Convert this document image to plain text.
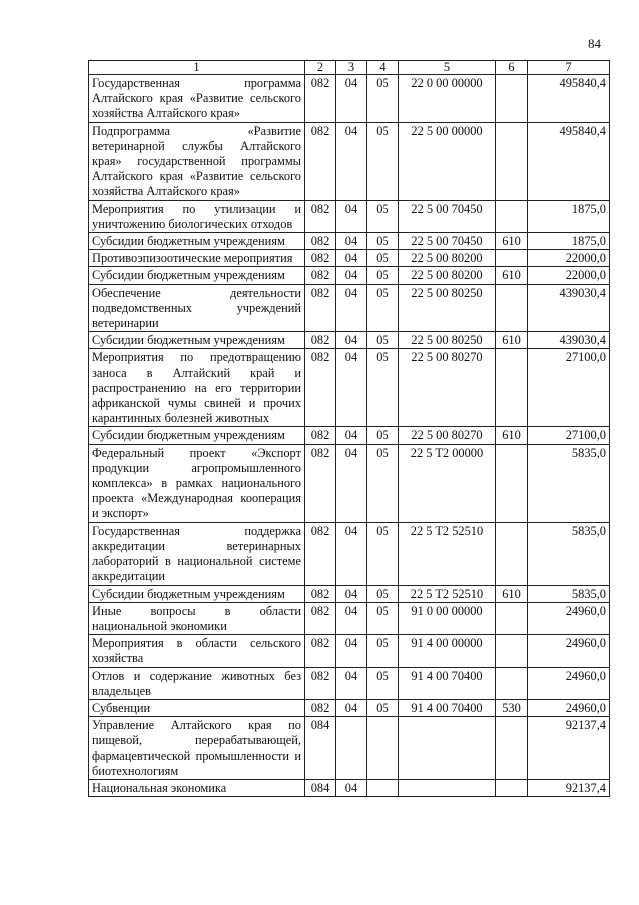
84
1	2	3	4	5	6	7
Государственная программа Алтайского края «Развитие сельского хозяйства Алтайского края»	082	04	05	22 0 00 00000		495840,4
Подпрограмма «Развитие ветеринарной службы Алтайского края» государственной программы Алтайского края «Развитие сельского хозяйства Алтайского края»	082	04	05	22 5 00 00000		495840,4
Мероприятия по утилизации и уничтожению биологических отходов	082	04	05	22 5 00 70450		1875,0
Субсидии бюджетным учреждениям	082	04	05	22 5 00 70450	610	1875,0
Противоэпизоотические мероприятия	082	04	05	22 5 00 80200		22000,0
Субсидии бюджетным учреждениям	082	04	05	22 5 00 80200	610	22000,0
Обеспечение деятельности подведомственных учреждений ветеринарии	082	04	05	22 5 00 80250		439030,4
Субсидии бюджетным учреждениям	082	04	05	22 5 00 80250	610	439030,4
Мероприятия по предотвращению заноса в Алтайский край и распространению на его территории африканской чумы свиней и прочих карантинных болезней животных	082	04	05	22 5 00 80270		27100,0
Субсидии бюджетным учреждениям	082	04	05	22 5 00 80270	610	27100,0
Федеральный проект «Экспорт продукции агропромышленного комплекса» в рамках национального проекта «Международная кооперация и экспорт»	082	04	05	22 5 T2 00000		5835,0
Государственная поддержка аккредитации ветеринарных лабораторий в национальной системе аккредитации	082	04	05	22 5 T2 52510		5835,0
Субсидии бюджетным учреждениям	082	04	05	22 5 T2 52510	610	5835,0
Иные вопросы в области национальной экономики	082	04	05	91 0 00 00000		24960,0
Мероприятия в области сельского хозяйства	082	04	05	91 4 00 00000		24960,0
Отлов и содержание животных без владельцев	082	04	05	91 4 00 70400		24960,0
Субвенции	082	04	05	91 4 00 70400	530	24960,0
Управление Алтайского края по пищевой, перерабатывающей, фармацевтической промышленности и биотехнологиям	084					92137,4
Национальная экономика	084	04				92137,4
